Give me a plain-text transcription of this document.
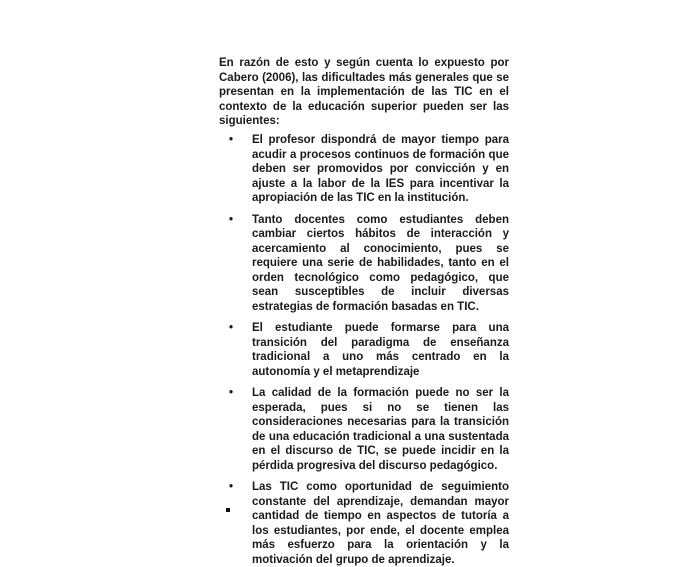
En razón de esto y según cuenta lo expuesto por Cabero (2006), las dificultades más generales que se presentan en la implementación de las TIC en el contexto de la educación superior pueden ser las siguientes:

• El profesor dispondrá de mayor tiempo para acudir a procesos continuos de formación que deben ser promovidos por convicción y en ajuste a la labor de la IES para incentivar la apropiación de las TIC en la institución.
• Tanto docentes como estudiantes deben cambiar ciertos hábitos de interacción y acercamiento al conocimiento, pues se requiere una serie de habilidades, tanto en el orden tecnológico como pedagógico, que sean susceptibles de incluir diversas estrategias de formación basadas en TIC.
• El estudiante puede formarse para una transición del paradigma de enseñanza tradicional a uno más centrado en la autonomía y el metaprendizaje
• La calidad de la formación puede no ser la esperada, pues si no se tienen las consideraciones necesarias para la transición de una educación tradicional a una sustentada en el discurso de TIC, se puede incidir en la pérdida progresiva del discurso pedagógico.
• Las TIC como oportunidad de seguimiento constante del aprendizaje, demandan mayor cantidad de tiempo en aspectos de tutoría a los estudiantes, por ende, el docente emplea más esfuerzo para la orientación y la motivación del grupo de aprendizaje.
